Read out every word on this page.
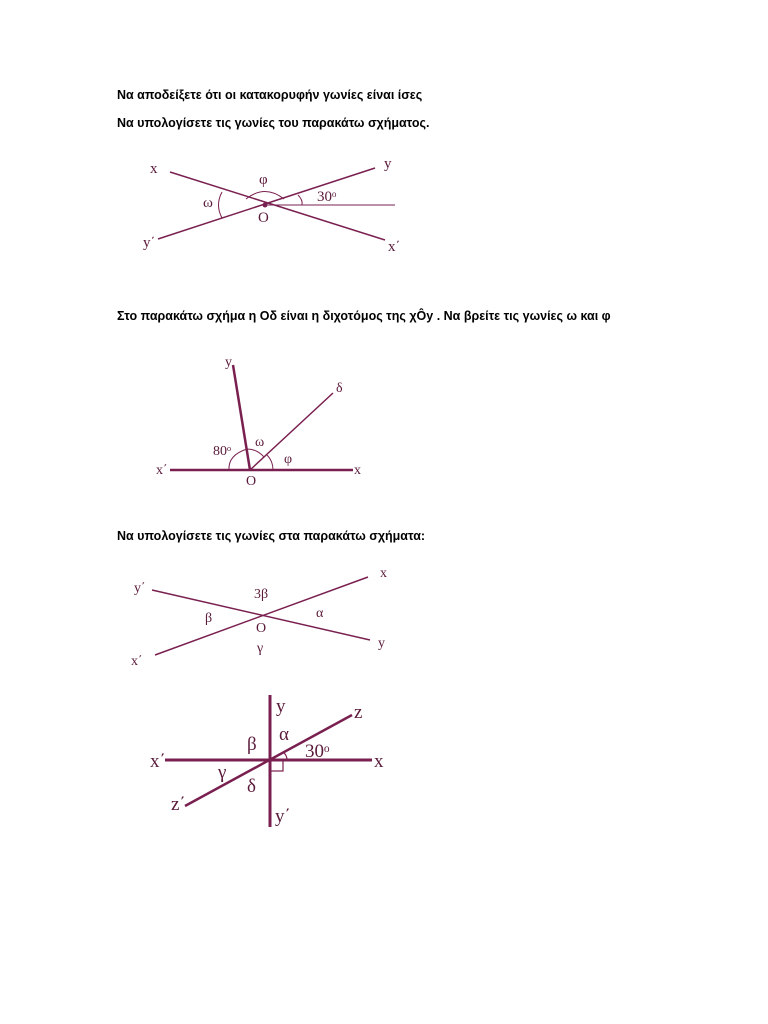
Να αποδείξετε ότι οι κατακορυφήν γωνίες είναι ίσες
Να υπολογίσετε τις γωνίες του παρακάτω σχήματος.
x	y
φ
30ᵒ
ω
O
y΄	x΄
Στο παρακάτω σχήμα η Οδ είναι η διχοτόμος της χÔy . Να βρείτε τις γωνίες ω και φ
y
δ
80ᵒ
ω
φ
x΄
O
x
Να υπολογίσετε τις γωνίες στα παρακάτω σχήματα:
y΄
x
3β
β	α
O
y
γ
x΄
y	z
α
β	30ᵒ
x΄	x
γ
δ
z΄
y΄
